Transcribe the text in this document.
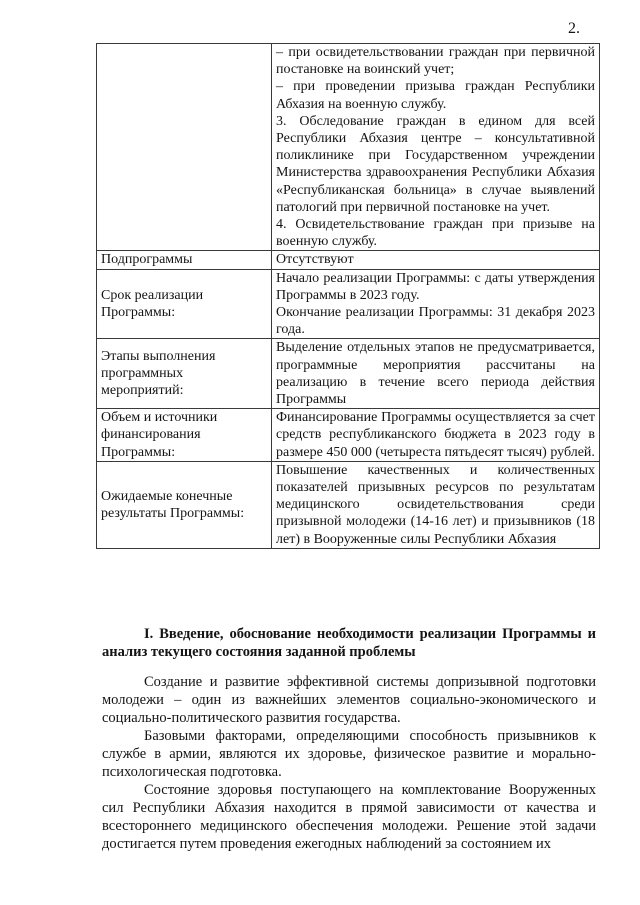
2.

	– при освидетельствовании граждан при первичной постановке на воинский учет;
– при проведении призыва граждан Республики Абхазия на военную службу.
3. Обследование граждан в едином для всей Республики Абхазия центре – консультативной поликлинике при Государственном учреждении Министерства здравоохранения Республики Абхазия «Республиканская больница» в случае выявлений патологий при первичной постановке на учет.
4. Освидетельствование граждан при призыве на военную службу.

Подпрограммы	Отсутствуют
Срок реализации Программы:	Начало реализации Программы: с даты утверждения Программы в 2023 году.
Окончание реализации Программы: 31 декабря 2023 года.

Этапы выполнения программных мероприятий:	Выделение отдельных этапов не предусматривается, программные мероприятия рассчитаны на реализацию в течение всего периода действия Программы
Объем и источники финансирования Программы:	Финансирование Программы осуществляется за счет средств республиканского бюджета в 2023 году в размере 450 000 (четыреста пятьдесят тысяч) рублей.
Ожидаемые конечные результаты Программы:	Повышение качественных и количественных показателей призывных ресурсов по результатам медицинского освидетельствования среди призывной молодежи (14-16 лет) и призывников (18 лет) в Вооруженные силы Республики Абхазия
I. Введение, обоснование необходимости реализации Программы и анализ текущего состояния заданной проблемы

Создание и развитие эффективной системы допризывной подготовки молодежи – один из важнейших элементов социально-экономического и социально-политического развития государства.

Базовыми факторами, определяющими способность призывников к службе в армии, являются их здоровье, физическое развитие и морально-психологическая подготовка.

Состояние здоровья поступающего на комплектование Вооруженных сил Республики Абхазия находится в прямой зависимости от качества и всестороннего медицинского обеспечения молодежи. Решение этой задачи достигается путем проведения ежегодных наблюдений за состоянием их
